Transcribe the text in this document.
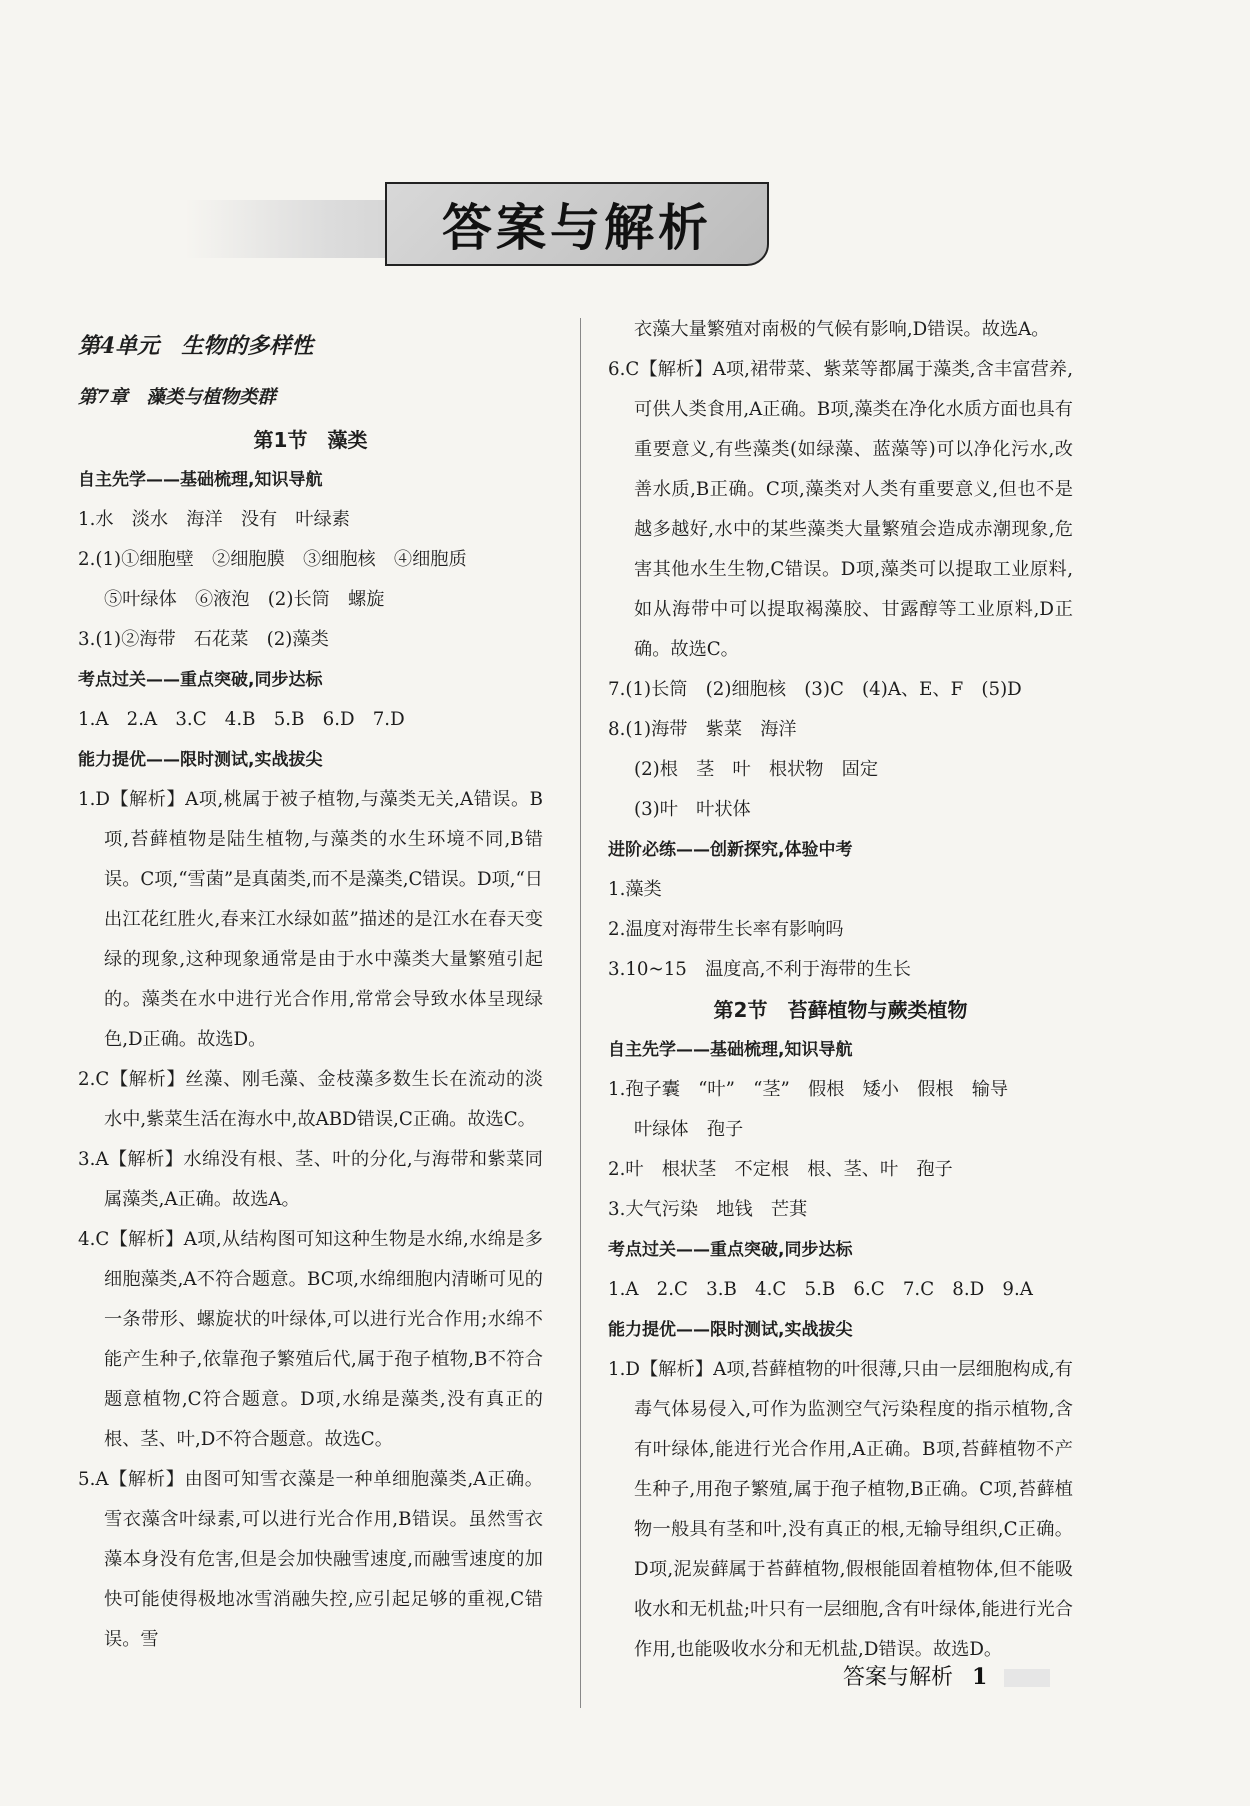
答案与解析
第4单元　生物的多样性
第7章　藻类与植物类群
第1节　藻类
自主先学——基础梳理,知识导航

1.水　淡水　海洋　没有　叶绿素

2.(1)①细胞壁　②细胞膜　③细胞核　④细胞质

⑤叶绿体　⑥液泡　(2)长筒　螺旋

3.(1)②海带　石花菜　(2)藻类

考点过关——重点突破,同步达标

1.A　2.A　3.C　4.B　5.B　6.D　7.D

能力提优——限时测试,实战拔尖

1.D【解析】A项,桃属于被子植物,与藻类无关,A错误。B项,苔藓植物是陆生植物,与藻类的水生环境不同,B错误。C项,“雪菌”是真菌类,而不是藻类,C错误。D项,“日出江花红胜火,春来江水绿如蓝”描述的是江水在春天变绿的现象,这种现象通常是由于水中藻类大量繁殖引起的。藻类在水中进行光合作用,常常会导致水体呈现绿色,D正确。故选D。

2.C【解析】丝藻、刚毛藻、金枝藻多数生长在流动的淡水中,紫菜生活在海水中,故ABD错误,C正确。故选C。

3.A【解析】水绵没有根、茎、叶的分化,与海带和紫菜同属藻类,A正确。故选A。

4.C【解析】A项,从结构图可知这种生物是水绵,水绵是多细胞藻类,A不符合题意。BC项,水绵细胞内清晰可见的一条带形、螺旋状的叶绿体,可以进行光合作用;水绵不能产生种子,依靠孢子繁殖后代,属于孢子植物,B不符合题意植物,C符合题意。D项,水绵是藻类,没有真正的根、茎、叶,D不符合题意。故选C。

5.A【解析】由图可知雪衣藻是一种单细胞藻类,A正确。雪衣藻含叶绿素,可以进行光合作用,B错误。虽然雪衣藻本身没有危害,但是会加快融雪速度,而融雪速度的加快可能使得极地冰雪消融失控,应引起足够的重视,C错误。雪

衣藻大量繁殖对南极的气候有影响,D错误。故选A。

6.C【解析】A项,裙带菜、紫菜等都属于藻类,含丰富营养,可供人类食用,A正确。B项,藻类在净化水质方面也具有重要意义,有些藻类(如绿藻、蓝藻等)可以净化污水,改善水质,B正确。C项,藻类对人类有重要意义,但也不是越多越好,水中的某些藻类大量繁殖会造成赤潮现象,危害其他水生生物,C错误。D项,藻类可以提取工业原料,如从海带中可以提取褐藻胶、甘露醇等工业原料,D正确。故选C。

7.(1)长筒　(2)细胞核　(3)C　(4)A、E、F　(5)D

8.(1)海带　紫菜　海洋

(2)根　茎　叶　根状物　固定

(3)叶　叶状体

进阶必练——创新探究,体验中考

1.藻类

2.温度对海带生长率有影响吗

3.10~15　温度高,不利于海带的生长

第2节　苔藓植物与蕨类植物
自主先学——基础梳理,知识导航

1.孢子囊　“叶”　“茎”　假根　矮小　假根　输导

叶绿体　孢子

2.叶　根状茎　不定根　根、茎、叶　孢子

3.大气污染　地钱　芒萁

考点过关——重点突破,同步达标

1.A　2.C　3.B　4.C　5.B　6.C　7.C　8.D　9.A

能力提优——限时测试,实战拔尖

1.D【解析】A项,苔藓植物的叶很薄,只由一层细胞构成,有毒气体易侵入,可作为监测空气污染程度的指示植物,含有叶绿体,能进行光合作用,A正确。B项,苔藓植物不产生种子,用孢子繁殖,属于孢子植物,B正确。C项,苔藓植物一般具有茎和叶,没有真正的根,无输导组织,C正确。D项,泥炭藓属于苔藓植物,假根能固着植物体,但不能吸收水和无机盐;叶只有一层细胞,含有叶绿体,能进行光合作用,也能吸收水分和无机盐,D错误。故选D。

答案与解析 1
